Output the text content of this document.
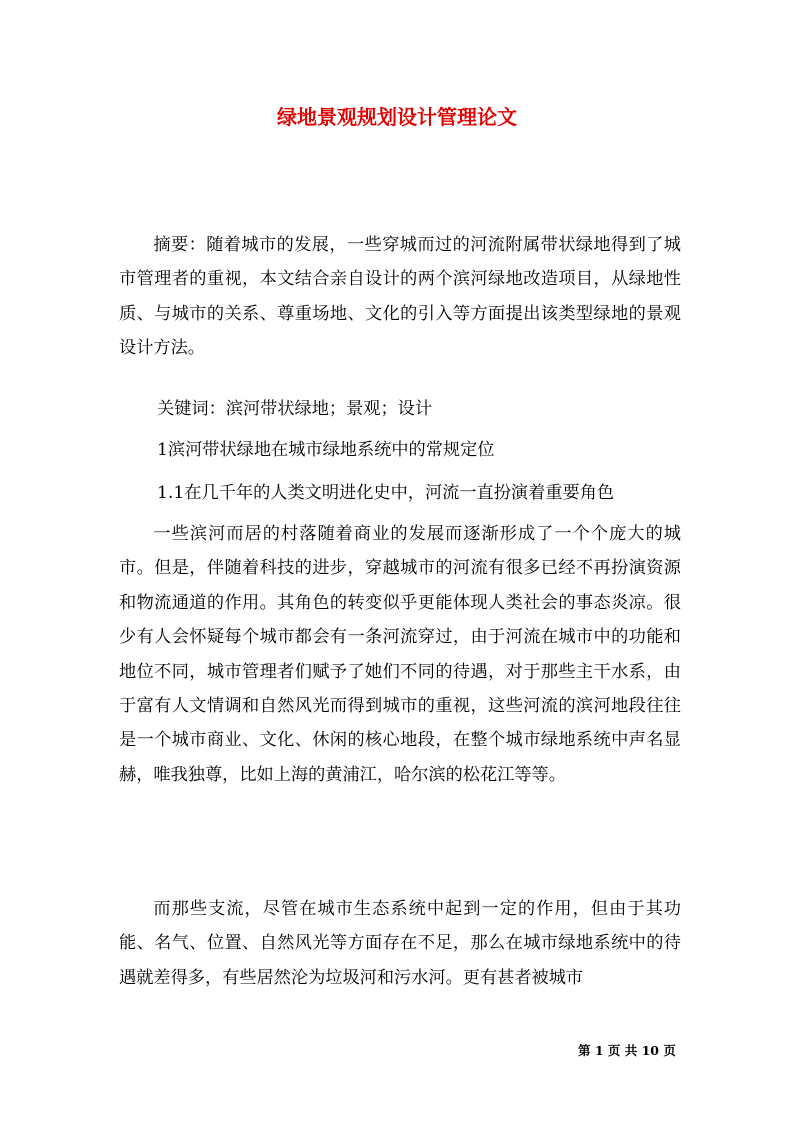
绿地景观规划设计管理论文
摘要：随着城市的发展，一些穿城而过的河流附属带状绿地得到了城市管理者的重视，本文结合亲自设计的两个滨河绿地改造项目，从绿地性质、与城市的关系、尊重场地、文化的引入等方面提出该类型绿地的景观设计方法。
关键词：滨河带状绿地；景观；设计
1滨河带状绿地在城市绿地系统中的常规定位
1.1在几千年的人类文明进化史中，河流一直扮演着重要角色
一些滨河而居的村落随着商业的发展而逐渐形成了一个个庞大的城市。但是，伴随着科技的进步，穿越城市的河流有很多已经不再扮演资源和物流通道的作用。其角色的转变似乎更能体现人类社会的事态炎凉。很少有人会怀疑每个城市都会有一条河流穿过，由于河流在城市中的功能和地位不同，城市管理者们赋予了她们不同的待遇，对于那些主干水系，由于富有人文情调和自然风光而得到城市的重视，这些河流的滨河地段往往是一个城市商业、文化、休闲的核心地段，在整个城市绿地系统中声名显赫，唯我独尊，比如上海的黄浦江，哈尔滨的松花江等等。
而那些支流，尽管在城市生态系统中起到一定的作用，但由于其功能、名气、位置、自然风光等方面存在不足，那么在城市绿地系统中的待遇就差得多，有些居然沦为垃圾河和污水河。更有甚者被城市
第 1 页 共 10 页
